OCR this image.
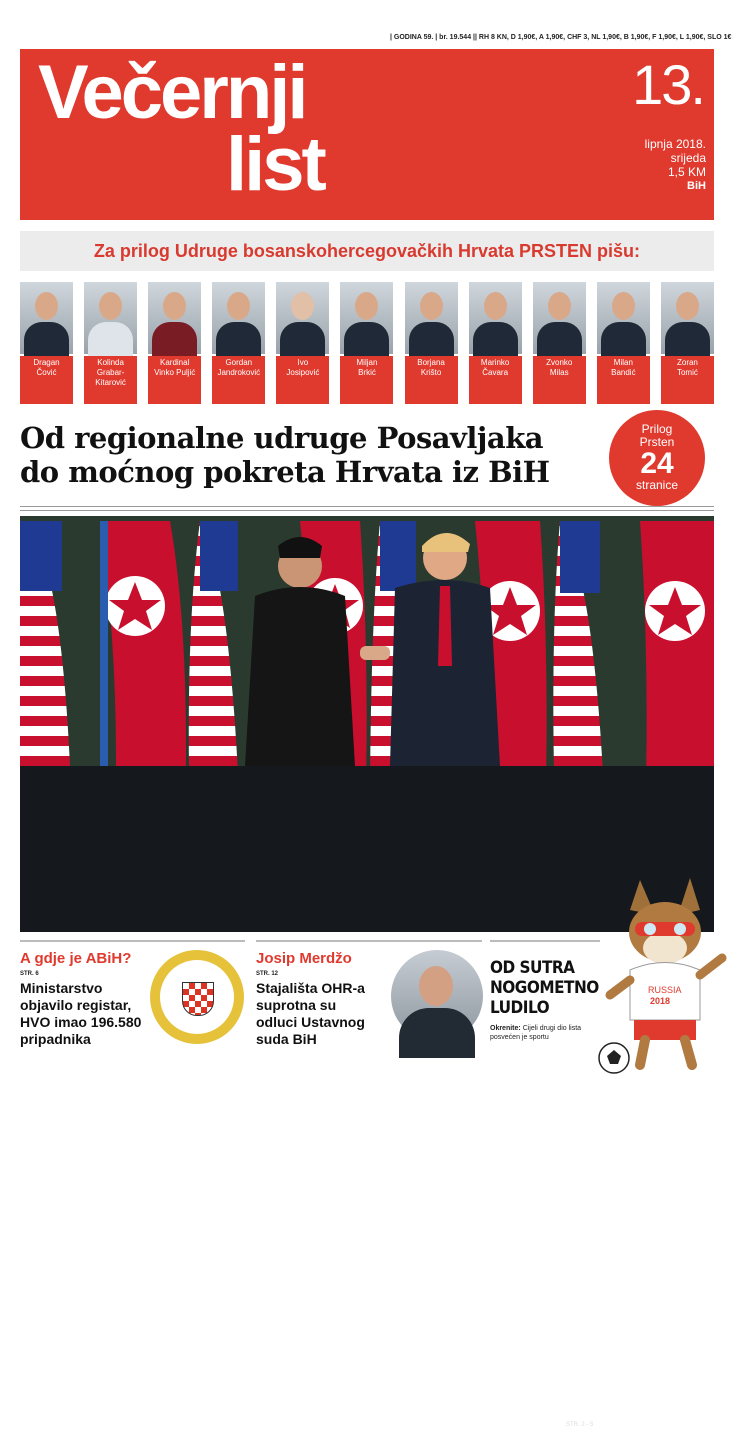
| GODINA 59. | br. 19.544 || RH 8 KN, D 1,90€, A 1,90€, CHF 3, NL 1,90€, B 1,90€, F 1,90€, L 1,90€, SLO 1€
Večernji
list
13.
lipnja 2018.
srijeda
1,5 KM
BiH
Za prilog Udruge bosanskohercegovačkih Hrvata PRSTEN pišu:
Dragan
Čović
Kolinda Grabar-
Kitarović
Kardinal
Vinko Puljić
Gordan
Jandroković
Ivo
Josipović
Miljan
Brkić
Borjana
Krišto
Marinko
Čavara
Zvonko
Milas
Milan
Bandić
Zoran
Tomić
Od regionalne udruge Posavljaka
do moćnog pokreta Hrvata iz BiH
Prilog
Prsten
24
stranice
NUKLEARNI MIR
TRUMP RUŠI SVJETSKI POREDAK,
NOVI NEIZVJESTAN	STR. 2 - 5
A gdje je ABiH?
STR. 6
Ministarstvo
objavilo registar,
HVO imao 196.580
pripadnika
Josip Merdžo
STR. 12
Stajališta OHR-a
suprotna su
odluci Ustavnog
suda BiH
OD SUTRA
NOGOMETNO
LUDILO
Okrenite: Cijeli drugi dio lista posvećen je sportu
RUSSIA
2018
